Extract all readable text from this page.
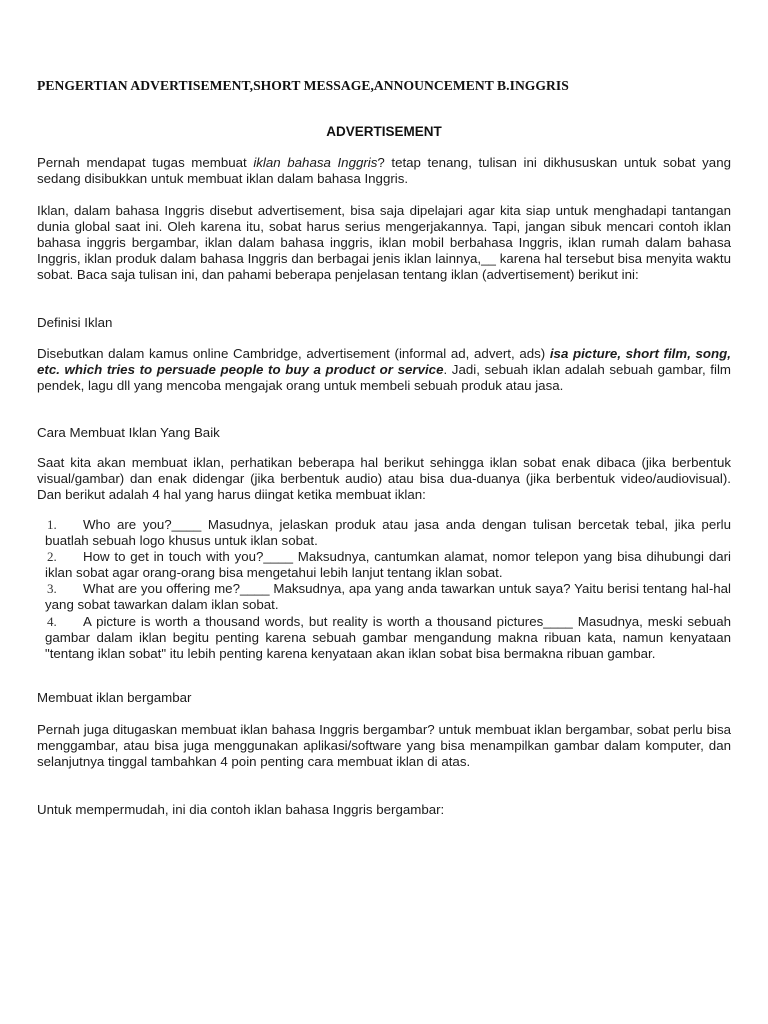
PENGERTIAN ADVERTISEMENT,SHORT MESSAGE,ANNOUNCEMENT B.INGGRIS
ADVERTISEMENT

Pernah mendapat tugas membuat iklan bahasa Inggris? tetap tenang, tulisan ini dikhususkan untuk sobat yang sedang disibukkan untuk membuat iklan dalam bahasa Inggris.

Iklan, dalam bahasa Inggris disebut advertisement, bisa saja dipelajari agar kita siap untuk menghadapi tantangan dunia global saat ini. Oleh karena itu, sobat harus serius mengerjakannya. Tapi, jangan sibuk mencari contoh iklan bahasa inggris bergambar, iklan dalam bahasa inggris, iklan mobil berbahasa Inggris, iklan rumah dalam bahasa Inggris, iklan produk dalam bahasa Inggris dan berbagai jenis iklan lainnya,__ karena hal tersebut bisa menyita waktu sobat. Baca saja tulisan ini, dan pahami beberapa penjelasan tentang iklan (advertisement) berikut ini:

Definisi Iklan

Disebutkan dalam kamus online Cambridge, advertisement (informal ad, advert, ads) isa picture, short film, song, etc. which tries to persuade people to buy a product or service. Jadi, sebuah iklan adalah sebuah gambar, film pendek, lagu dll yang mencoba mengajak orang untuk membeli sebuah produk atau jasa.

Cara Membuat Iklan Yang Baik

Saat kita akan membuat iklan, perhatikan beberapa hal berikut sehingga iklan sobat enak dibaca (jika berbentuk visual/gambar) dan enak didengar (jika berbentuk audio) atau bisa dua-duanya (jika berbentuk video/audiovisual). Dan berikut adalah 4 hal yang harus diingat ketika membuat iklan:

1.	Who are you?____ Masudnya, jelaskan produk atau jasa anda dengan tulisan bercetak tebal, jika perlu buatlah sebuah logo khusus untuk iklan sobat.
2.	How to get in touch with you?____ Maksudnya, cantumkan alamat, nomor telepon yang bisa dihubungi dari iklan sobat agar orang-orang bisa mengetahui lebih lanjut tentang iklan sobat.
3.	What are you offering me?____ Maksudnya, apa yang anda tawarkan untuk saya? Yaitu berisi tentang hal-hal yang sobat tawarkan dalam iklan sobat.
4.	A picture is worth a thousand words, but reality is worth a thousand pictures____ Masudnya, meski sebuah gambar dalam iklan begitu penting karena sebuah gambar mengandung makna ribuan kata, namun kenyataan "tentang iklan sobat" itu lebih penting karena kenyataan akan iklan sobat bisa bermakna ribuan gambar.

Membuat iklan bergambar

Pernah juga ditugaskan membuat iklan bahasa Inggris bergambar? untuk membuat iklan bergambar, sobat perlu bisa menggambar, atau bisa juga menggunakan aplikasi/software yang bisa menampilkan gambar dalam komputer, dan selanjutnya tinggal tambahkan 4 poin penting cara membuat iklan di atas.

Untuk mempermudah, ini dia contoh iklan bahasa Inggris bergambar:
